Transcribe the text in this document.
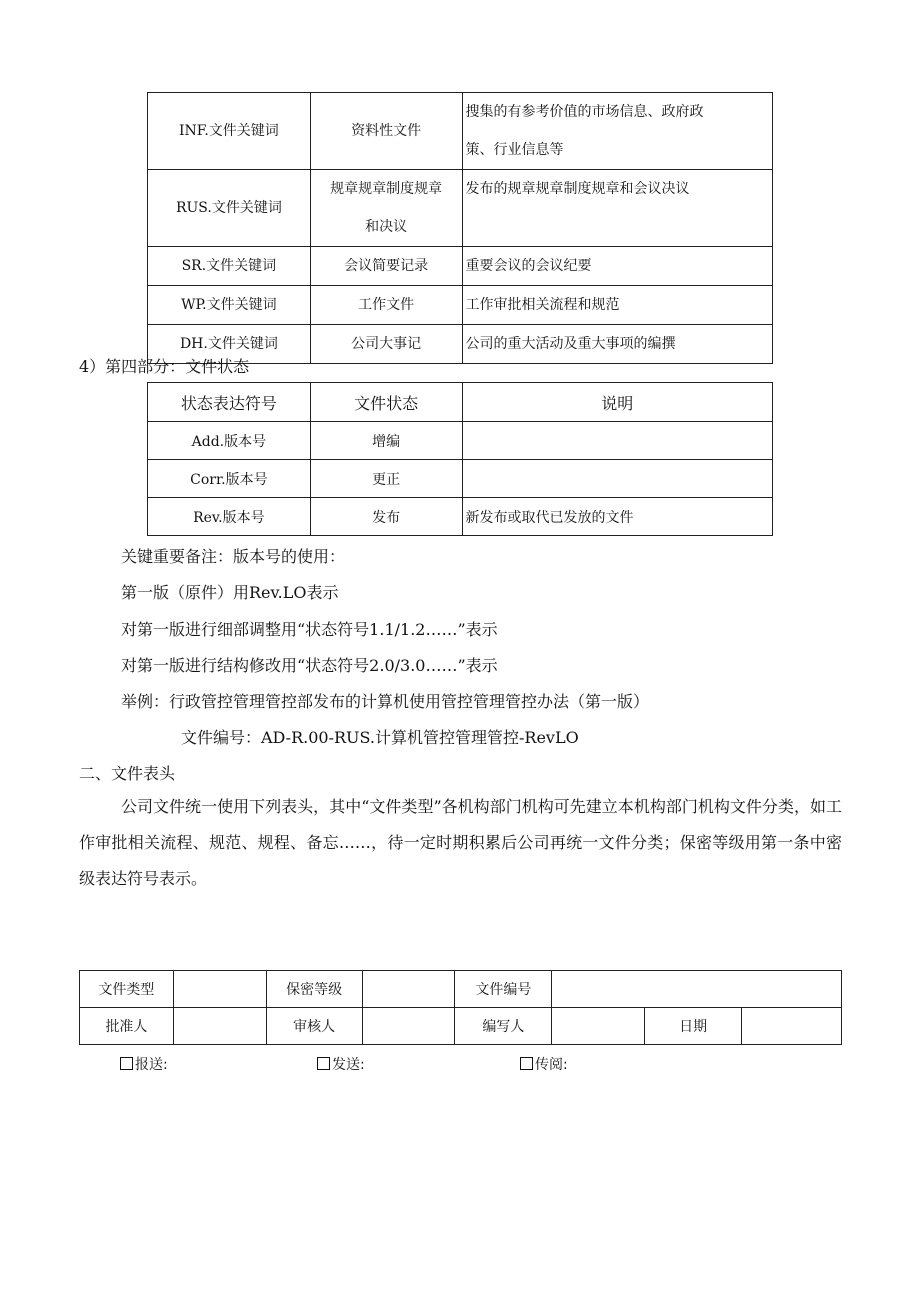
INF.文件关键词	资料性文件	搜集的有参考价值的市场信息、政府政
策、行业信息等

RUS.文件关键词	规章规章制度规章
和决议	发布的规章规章制度规章和会议决议
SR.文件关键词	会议简要记录	重要会议的会议纪要
WP.文件关键词	工作文件	工作审批相关流程和规范
DH.文件关键词	公司大事记	公司的重大活动及重大事项的编撰
4）第四部分：文件状态
状态表达符号	文件状态	说明
Add.版本号	增编	
Corr.版本号	更正	
Rev.版本号	发布	新发布或取代已发放的文件
关键重要备注：版本号的使用：
第一版（原件）用Rev.LO表示
对第一版进行细部调整用“状态符号1.1/1.2……”表示
对第一版进行结构修改用“状态符号2.0/3.0……”表示
举例：行政管控管理管控部发布的计算机使用管控管理管控办法（第一版）
文件编号：AD-R.00-RUS.计算机管控管理管控-RevLO
二、文件表头
公司文件统一使用下列表头，其中“文件类型”各机构部门机构可先建立本机构部门机构文件分类，如工作审批相关流程、规范、规程、备忘……，待一定时期积累后公司再统一文件分类；保密等级用第一条中密级表达符号表示。
文件类型		保密等级		文件编号			
批准人		审核人		编写人		日期	
报送:	发送:	传阅:
